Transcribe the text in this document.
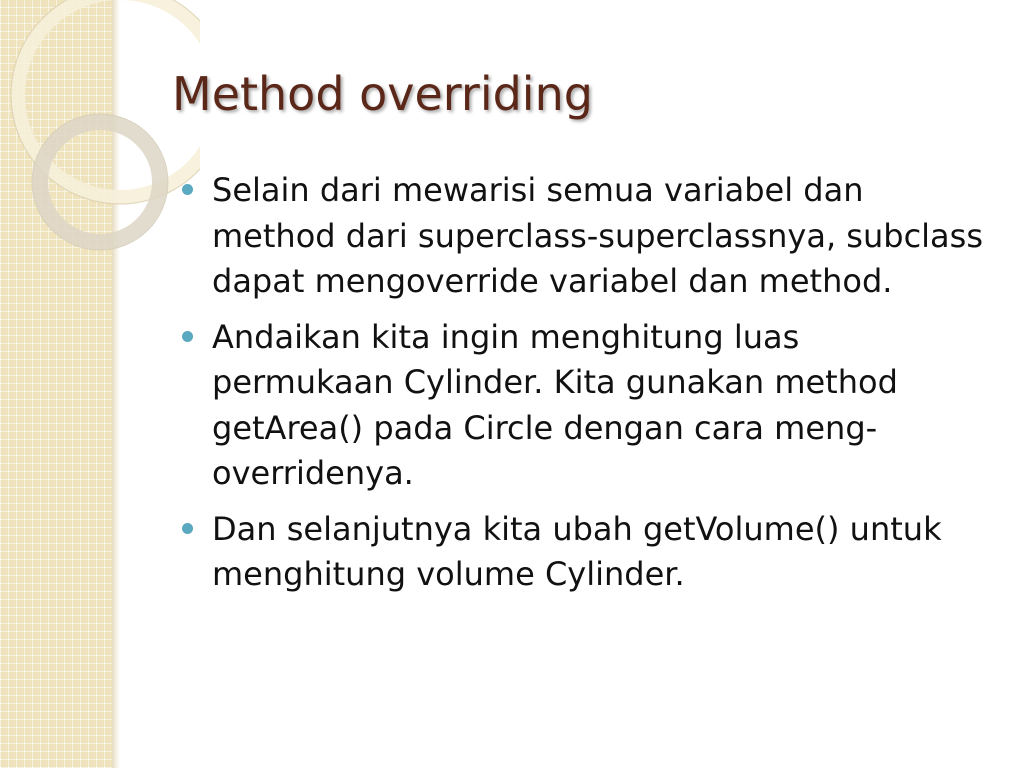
Method overriding
Selain dari mewarisi semua variabel dan method dari superclass-superclassnya, subclass dapat mengoverride variabel dan method.
Andaikan kita ingin menghitung luas permukaan Cylinder. Kita gunakan method getArea() pada Circle dengan cara meng-overridenya.
Dan selanjutnya kita ubah getVolume() untuk menghitung volume Cylinder.
